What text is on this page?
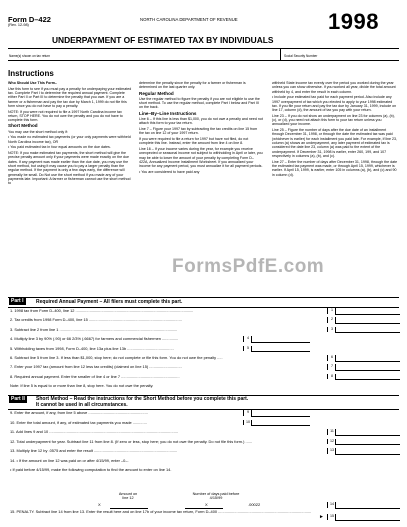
Form D–422
(Rev. 12-98)
NORTH CAROLINA DEPARTMENT OF REVENUE	1998
UNDERPAYMENT OF ESTIMATED TAX BY INDIVIDUALS
Name(s) shown on tax return	Social Security Number
Instructions

Who Should Use This Form–

Use this form to see if you must pay a penalty for underpaying your estimated tax. Complete Part I to determine the required annual payment. Complete either Part II or Part III to determine the penalty that you owe. If you are a farmer or a fisherman and pay the tax due by March 1, 1999 do not file this form since you do not have to pay a penalty.

NOTE: If you were not required to file a 1997 North Carolina income tax return, STOP HERE. You do not owe the penalty and you do not have to complete this form.

Short Method

You may use the short method only if:

• You made no estimated tax payments (or your only payments were withheld North Carolina income tax), OR

• You paid estimated tax in four equal amounts on the due dates.

NOTE: If you make estimated tax payments, the short method will give the precise penalty amount only if your payments were made exactly on the due dates. If any payment was made earlier than the due date, you may use the short method, but using it may cause you to pay a larger penalty than the regular method. If the payment is only a few days early, the difference will generally be small. Do Not use the short method if you made any of your payments late. Important: A farmer or fisherman cannot use the short method to

determine the penalty since the penalty for a farmer or fisherman is determined on the last quarter only.

Regular Method

Use the regular method to figure the penalty if you are not eligible to use the short method. To use the regular method, complete Part I below and Part III on the back.

Line–By–Line Instructions

Line 6 – If this line is less than $1,000, you do not owe a penalty and need not attach this form to your tax return.

Line 7 – Figure your 1997 tax by subtracting the tax credits on line 15 from the tax on line 12 of your 1997 return.

If you were required to file a return for 1997 but have not filed, do not complete this line. Instead, enter the amount from line 4 on line 8.

Line 16 – If your income varies during the year, for example you receive unexpected or seasonal income not subject to withholding in April or later, you may be able to lower the amount of your penalty by completing Form D–422A, Annualized Income Installment Worksheet. If you annualized your income for any payment period, you must annualize it for all payment periods.

• You are considered to have paid any

withheld State income tax evenly over the period you worked during the year unless you can show otherwise. If you worked all year, divide the total amount withheld by 4, and enter the result in each column.

• Include your estimated tax paid for each payment period. Also include any 1997 overpayment of tax which you elected to apply to your 1998 estimated tax. If you file your return and pay the tax due by January 31, 1999, include on line 17, column (d), the amount of tax you pay with your return.

Line 23 – If you do not show an underpayment on line 23 for columns (a), (b), (c), or (d), you need not attach this form to your tax return unless you annualized your income.

Line 25 – Figure the number of days after the due date of an installment through December 31, 1998, or through the date the estimated tax was paid (whichever is earlier) for each installment you paid late. For example, if line 23, column (a) shows an underpayment, any later payment of estimated tax is considered the date line 23, column (a) was paid to the extent of the underpayment. If December 31, 1998 is earlier, enter 260, 199, and 107 respectively in columns (a), (b), and (c).

Line 27 – Enter the number of days after December 31, 1998, through the date the estimated tax payment was made, or through April 15, 1999, whichever is earlier. If April 15, 1999, is earlier, enter 105 in columns (a), (b), and (c) and 90 in column (d).

FormsPdfE.com
Part I	Required Annual Payment – All filers must complete this part.
1. 1998 tax from Form D–400, line 12 .............................................................................................................	1
2. Tax credits from 1998 Form D–400, line 15 ......................................................................................	2
3. Subtract line 2 from line 1 .............................................................................................................	3
4. Multiply line 3 by 90% (.90) or 66 2/3% (.6667) for farmers and commercial fishermen ...............	4
5. Withholding taxes from 1998, Form D–400, line 13a plus line 13b ...........................................	5
6. Subtract line 5 from line 3. If less than $1,000, stop here; do not complete or file this form. You do not owe the penalty .....	6
7. Enter your 1997 tax (amount from line 12 less tax credits) (claimed on line 15) ..............................	7
8. Required annual payment. Enter the smaller of line 4 or line 7 ......................................................	8
Note: If line 5 is equal to or more than line 8, stop here. You do not owe the penalty.
Part II	Short Method – Read the instructions for the Short Method before you complete this part.
It cannot be used in all circumstances.
9. Enter the amount, if any, from line 5 above .......................................................	9
10. Enter the total amount, if any, of estimated tax payments you made .............	10
11. Add lines 9 and 10 .......................................................................................................................	11
12. Total underpayment for year. Subtract line 11 from line 8. (If zero or less, stop here; you do not owe the penalty. Do not file this form.) ......	12
13. Multiply line 12 by .0575 and enter the result .............................................................................	13
14. • If the amount on line 12 was paid on or after 4/15/99, enter –0–.
• If paid before 4/15/99, make the following computation to find the amount to enter on line 14.
14
15. PENALTY. Subtract line 14 from line 13. Enter the result here and on line 17b of your income tax return, Form D–400 ......................................................................................
15
►
Amount on
line 12
X
Number of days paid before
4/15/99
X	.00022
